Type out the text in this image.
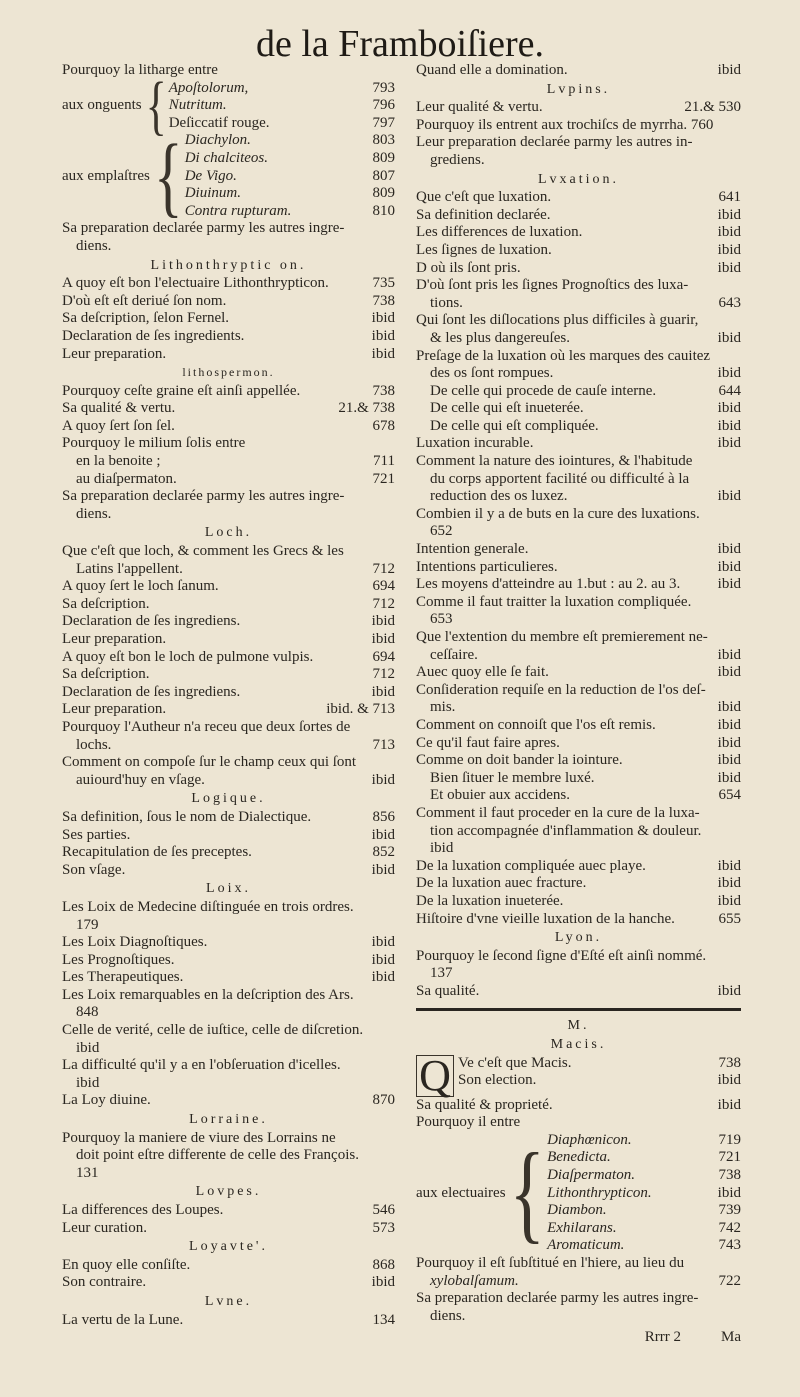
de la Framboiſiere.
Pourquoy la litharge entre
aux onguents { Apoſtolorum,	793
Nutritum.	796
Deſiccatif rouge.	797
aux emplaſtres { Diachylon.	803
Di chalciteos.	809
De Vigo.	807
Diuinum.	809
Contra rupturam.	810
Sa preparation declarée parmy les autres ingre-
diens.
Lithonthryptic on.
A quoy eſt bon l'electuaire Lithonthrypticon.	735
D'où eſt eſt deriué ſon nom.	738
Sa deſcription, ſelon Fernel.	ibid
Declaration de ſes ingredients.	ibid
Leur preparation.	ibid
lithospermon.
Pourquoy ceſte graine eſt ainſi appellée.	738
Sa qualité & vertu.	21.& 738
A quoy ſert ſon ſel.	678
Pourquoy le milium ſolis entre
en la benoite ;	711
au diaſpermaton.	721
Sa preparation declarée parmy les autres ingre-
diens.
Loch.
Que c'eſt que loch, & comment les Grecs & les
Latins l'appellent.	712
A quoy ſert le loch ſanum.	694
Sa deſcription.	712
Declaration de ſes ingrediens.	ibid
Leur preparation.	ibid
A quoy eſt bon le loch de pulmone vulpis.	694
Sa deſcription.	712
Declaration de ſes ingrediens.	ibid
Leur preparation.	ibid. & 713
Pourquoy l'Autheur n'a receu que deux ſortes de
lochs.	713
Comment on compoſe ſur le champ ceux qui ſont
auiourd'huy en vſage.	ibid
Logique.
Sa definition, ſous le nom de Dialectique.	856
Ses parties.	ibid
Recapitulation de ſes preceptes.	852
Son vſage.	ibid
Loix.
Les Loix de Medecine diſtinguée en trois ordres.
179
Les Loix Diagnoſtiques.	ibid
Les Prognoſtiques.	ibid
Les Therapeutiques.	ibid
Les Loix remarquables en la deſcription des Ars.
848
Celle de verité, celle de iuſtice, celle de diſcretion.
ibid
La difficulté qu'il y a en l'obſeruation d'icelles.
ibid
La Loy diuine.	870
Lorraine.
Pourquoy la maniere de viure des Lorrains ne
doit point eſtre differente de celle des François.
131
Lovpes.
La differences des Loupes.	546
Leur curation.	573
Loyavte'.
En quoy elle conſiſte.	868
Son contraire.	ibid
Lvne.
La vertu de la Lune.	134
Quand elle a domination.	ibid
Lvpins.
Leur qualité & vertu.	21.& 530
Pourquoy ils entrent aux trochiſcs de myrrha. 760
Leur preparation declarée parmy les autres in-
grediens.
Lvxation.
Que c'eſt que luxation.	641
Sa definition declarée.	ibid
Les differences de luxation.	ibid
Les ſignes de luxation.	ibid
D où ils ſont pris.	ibid
D'où ſont pris les ſignes Prognoſtics des luxa-
tions.	643
Qui ſont les diſlocations plus difficiles à guarir,
& les plus dangereuſes.	ibid
Preſage de la luxation où les marques des cauitez
des os ſont rompues.	ibid
De celle qui procede de cauſe interne.	644
De celle qui eſt inueterée.	ibid
De celle qui eſt compliquée.	ibid
Luxation incurable.	ibid
Comment la nature des iointures, & l'habitude
du corps apportent facilité ou difficulté à la
reduction des os luxez.	ibid
Combien il y a de buts en la cure des luxations.
652
Intention generale.	ibid
Intentions particulieres.	ibid
Les moyens d'atteindre au 1.but : au 2. au 3.	ibid
Comme il faut traitter la luxation compliquée.
653
Que l'extention du membre eſt premierement ne-
ceſſaire.	ibid
Auec quoy elle ſe fait.	ibid
Conſideration requiſe en la reduction de l'os deſ-
mis.	ibid
Comment on connoiſt que l'os eſt remis.	ibid
Ce qu'il faut faire apres.	ibid
Comme on doit bander la iointure.	ibid
Bien ſituer le membre luxé.	ibid
Et obuier aux accidens.	654
Comment il faut proceder en la cure de la luxa-
tion accompagnée d'inflammation & douleur.
ibid
De la luxation compliquée auec playe.	ibid
De la luxation auec fracture.	ibid
De la luxation inueterée.	ibid
Hiſtoire d'vne vieille luxation de la hanche.	655
Lyon.
Pourquoy le ſecond ſigne d'Eſté eſt ainſi nommé.
137
Sa qualité.	ibid
M.
Macis.
Q Ve c'eſt que Macis.	738
Son election.	ibid
Sa qualité & proprieté.	ibid
Pourquoy il entre
aux electuaires { Diaphœnicon.	719
Benedicta.	721
Diaſpermaton.	738
Lithonthrypticon.	ibid
Diambon.	739
Exhilarans.	742
Aromaticum.	743
Pourquoy il eſt ſubſtitué en l'hiere, au lieu du
xylobalſamum.	722
Sa preparation declarée parmy les autres ingre-
diens.
Rrrr 2	Ma
